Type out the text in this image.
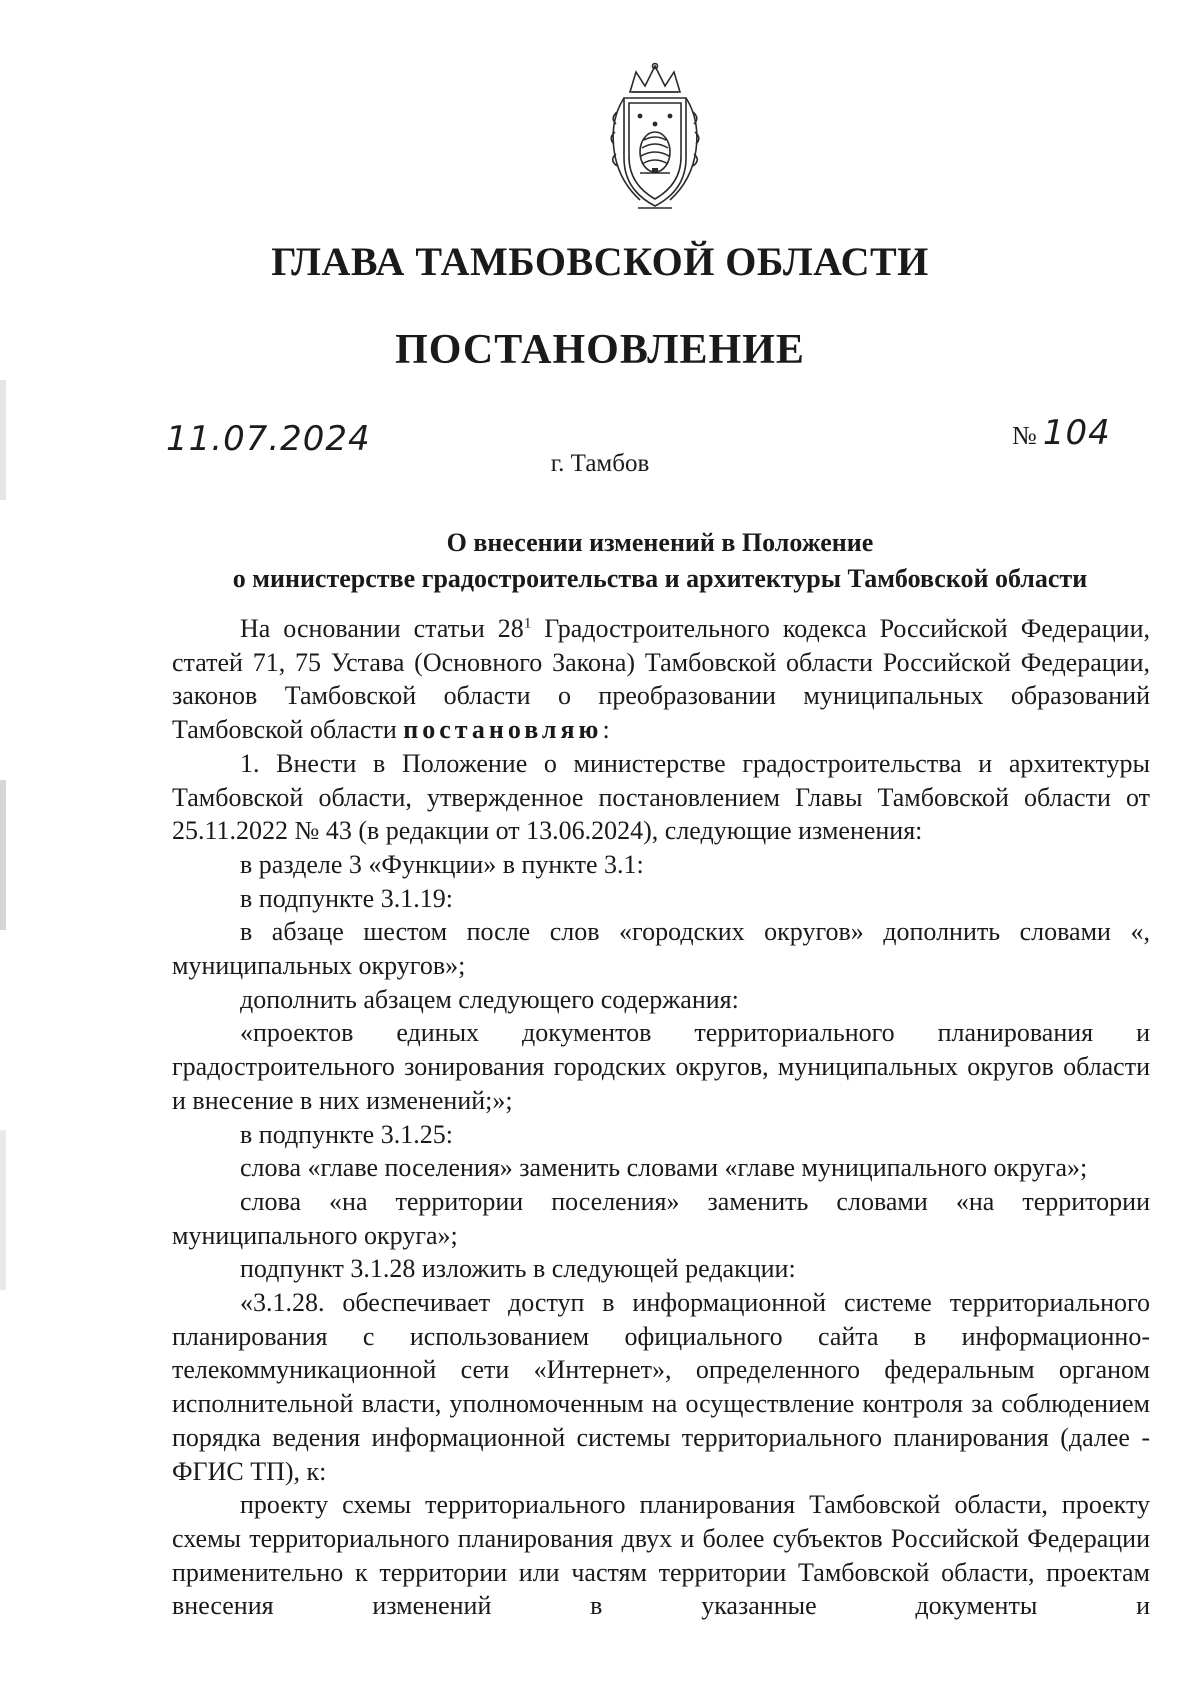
ГЛАВА ТАМБОВСКОЙ ОБЛАСТИ
ПОСТАНОВЛЕНИЕ
11.07.2024	№ 104
г. Тамбов
О внесении изменений в Положение
о министерстве градостроительства и архитектуры Тамбовской области

На основании статьи $28^1$ Градостроительного кодекса Российской Федерации, статей 71, 75 Устава (Основного Закона) Тамбовской области Российской Федерации, законов Тамбовской области о преобразовании муниципальных образований Тамбовской области постановляю:

1. Внести в Положение о министерстве градостроительства и архитектуры Тамбовской области, утвержденное постановлением Главы Тамбовской области от 25.11.2022 № 43 (в редакции от 13.06.2024), следующие изменения:

в разделе 3 «Функции» в пункте 3.1:

в подпункте 3.1.19:

в абзаце шестом после слов «городских округов» дополнить словами «, муниципальных округов»;

дополнить абзацем следующего содержания:

«проектов единых документов территориального планирования и градостроительного зонирования городских округов, муниципальных округов области и внесение в них изменений;»;

в подпункте 3.1.25:

слова «главе поселения» заменить словами «главе муниципального округа»;

слова «на территории поселения» заменить словами «на территории муниципального округа»;

подпункт 3.1.28 изложить в следующей редакции:

«3.1.28. обеспечивает доступ в информационной системе территориального планирования с использованием официального сайта в информационно-телекоммуникационной сети «Интернет», определенного федеральным органом исполнительной власти, уполномоченным на осуществление контроля за соблюдением порядка ведения информационной системы территориального планирования (далее - ФГИС ТП), к:

проекту схемы территориального планирования Тамбовской области, проекту схемы территориального планирования двух и более субъектов Российской Федерации применительно к территории или частям территории Тамбовской области, проектам внесения изменений в указанные документы и
